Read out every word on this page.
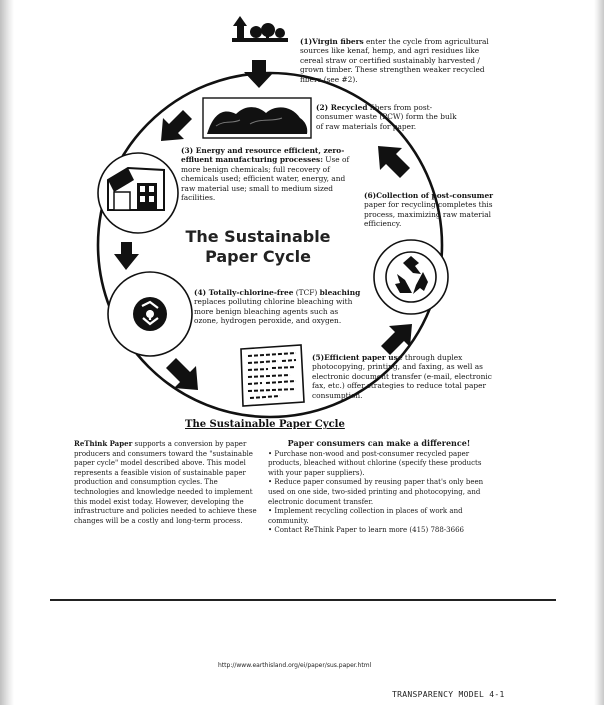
(1)Virgin fibers enter the cycle from agricultural sources like kenaf, hemp, and agri residues like cereal straw or certified sustainably harvested / grown timber. These strengthen weaker recycled fibers (see #2).
(2) Recycled fibers from post-consumer waste (PCW) form the bulk of raw materials for paper.
(3) Energy and resource efficient, zero-effluent manufacturing processes: Use of more benign chemicals; full recovery of chemicals used; efficient water, energy, and raw material use; small to medium sized facilities.	(6)Collection of post-consumer paper for recycling completes this process, maximizing raw material efficiency.
The Sustainable
Paper Cycle
(4) Totally-chlorine-free (TCF) bleaching replaces polluting chlorine bleaching with more benign bleaching agents such as ozone, hydrogen peroxide, and oxygen.
(5)Efficient paper use through duplex photocopying, printing, and faxing, as well as electronic document transfer (e-mail, electronic fax, etc.) offer strategies to reduce total paper consumption.
The Sustainable Paper Cycle
ReThink Paper supports a conversion by paper producers and consumers toward the "sustainable paper cycle" model described above. This model represents a feasible vision of sustainable paper production and consumption cycles. The technologies and knowledge needed to implement this model exist today. However, developing the infrastructure and policies needed to achieve these changes will be a costly and long-term process.
Paper consumers can make a difference!
• Purchase non-wood and post-consumer recycled paper products, bleached without chlorine (specify these products with your paper suppliers).
• Reduce paper consumed by reusing paper that's only been used on one side, two-sided printing and photocopying, and electronic document transfer.
• Implement recycling collection in places of work and community.
• Contact ReThink Paper to learn more (415) 788-3666
http://www.earthisland.org/ei/paper/sus.paper.html
TRANSPARENCY MODEL 4-1
